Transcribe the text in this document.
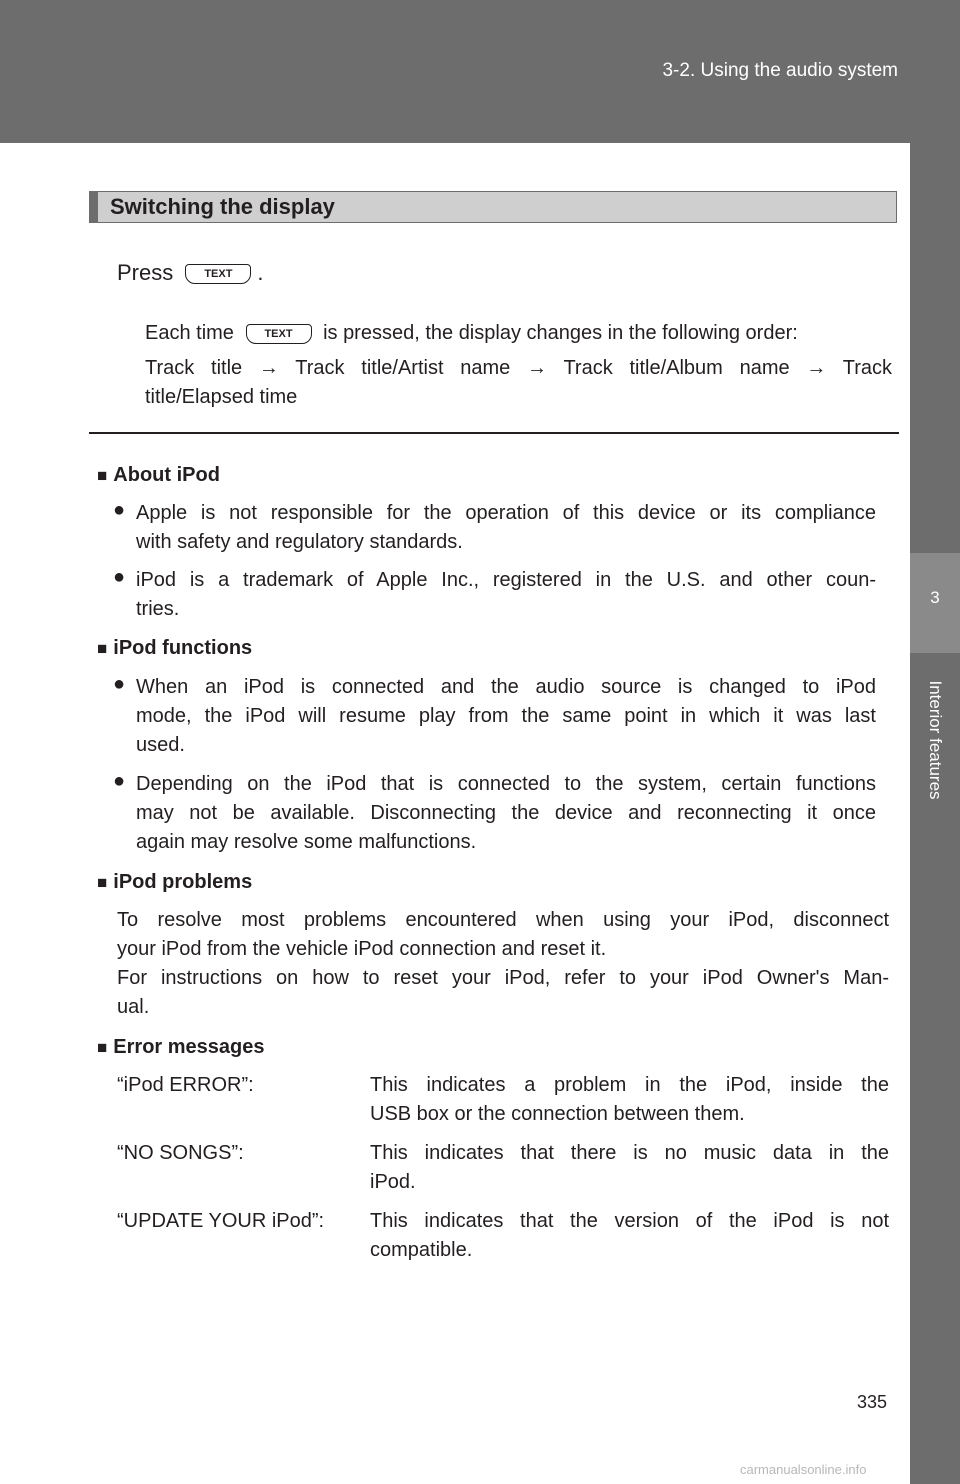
3-2. Using the audio system
3
Interior features
Switching the display
Press	TEXT .
Each time	TEXT is pressed, the display changes in the following order:
Track title → Track title/Artist name → Track title/Album name → Track
title/Elapsed time
■ About iPod
● Apple is not responsible for the operation of this device or its compliance
with safety and regulatory standards.
● iPod is a trademark of Apple Inc., registered in the U.S. and other coun-
tries.
■ iPod functions
● When an iPod is connected and the audio source is changed to iPod
mode, the iPod will resume play from the same point in which it was last
used.
● Depending on the iPod that is connected to the system, certain functions
may not be available. Disconnecting the device and reconnecting it once
again may resolve some malfunctions.
■ iPod problems
To resolve most problems encountered when using your iPod, disconnect
your iPod from the vehicle iPod connection and reset it.
For instructions on how to reset your iPod, refer to your iPod Owner's Man-
ual.
■ Error messages
“iPod ERROR”:	This indicates a problem in the iPod, inside the
USB box or the connection between them.
“NO SONGS”:	This indicates that there is no music data in the
iPod.
“UPDATE YOUR iPod”: This indicates that the version of the iPod is not
compatible.
335
carmanualsonline.info
